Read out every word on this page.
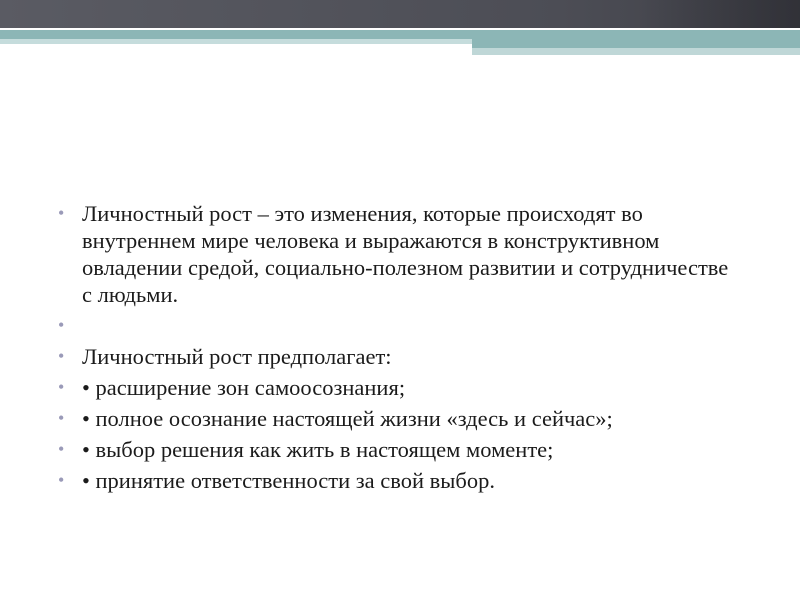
• Личностный рост – это изменения, которые происходят во внутреннем мире человека и выражаются в конструктивном овладении средой, социально-полезном развитии и сотрудничестве с людьми.
•
• Личностный рост предполагает:
• • расширение зон самоосознания;
• • полное осознание настоящей жизни «здесь и сейчас»;
• • выбор решения как жить в настоящем моменте;
• • принятие ответственности за свой выбор.
